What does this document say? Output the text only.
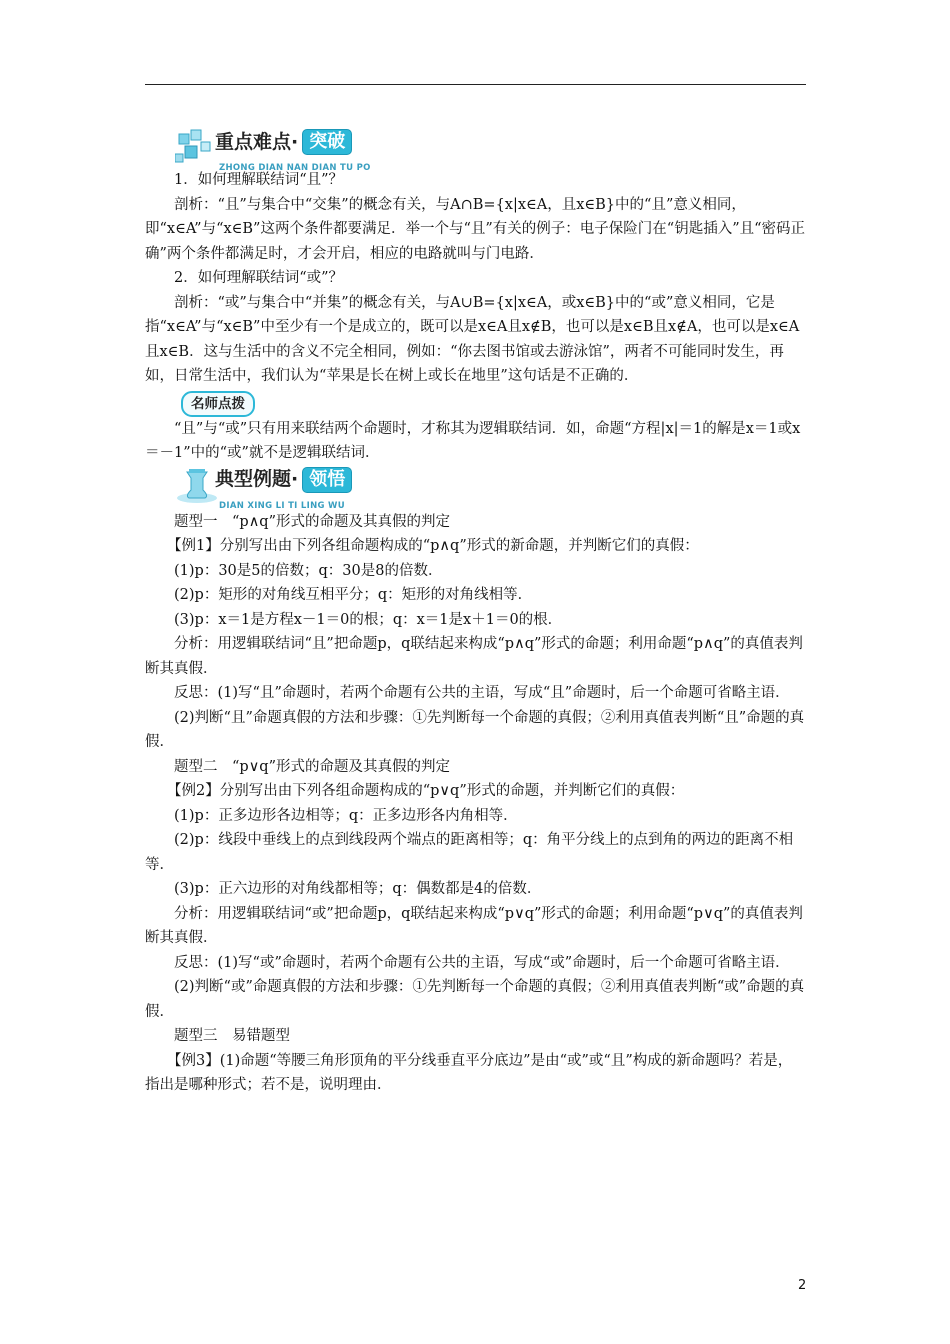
重点难点 · 突破
ZHONG DIAN NAN DIAN TU PO

1．如何理解联结词“且”？

剖析：“且”与集合中“交集”的概念有关，与A∩B={x|x∈A，且x∈B}中的“且”意义相同，即“x∈A”与“x∈B”这两个条件都要满足．举一个与“且”有关的例子：电子保险门在“钥匙插入”且“密码正确”两个条件都满足时，才会开启，相应的电路就叫与门电路．

2．如何理解联结词“或”？

剖析：“或”与集合中“并集”的概念有关，与A∪B={x|x∈A，或x∈B}中的“或”意义相同，它是指“x∈A”与“x∈B”中至少有一个是成立的，既可以是x∈A且x∉B，也可以是x∈B且x∉A，也可以是x∈A且x∈B．这与生活中的含义不完全相同，例如：“你去图书馆或去游泳馆”，两者不可能同时发生，再如，日常生活中，我们认为“苹果是长在树上或长在地里”这句话是不正确的．

名师点拨

“且”与“或”只有用来联结两个命题时，才称其为逻辑联结词．如，命题“方程|x|＝1的解是x＝1或x＝－1”中的“或”就不是逻辑联结词．

典型例题 · 领悟
DIAN XING LI TI LING WU

题型一　“p∧q”形式的命题及其真假的判定

【例1】分别写出由下列各组命题构成的“p∧q”形式的新命题，并判断它们的真假：

(1)p：30是5的倍数；q：30是8的倍数．

(2)p：矩形的对角线互相平分；q：矩形的对角线相等．

(3)p：x＝1是方程x－1＝0的根；q：x＝1是x＋1＝0的根．

分析：用逻辑联结词“且”把命题p，q联结起来构成“p∧q”形式的命题；利用命题“p∧q”的真值表判断其真假．

反思：(1)写“且”命题时，若两个命题有公共的主语，写成“且”命题时，后一个命题可省略主语．

(2)判断“且”命题真假的方法和步骤：①先判断每一个命题的真假；②利用真值表判断“且”命题的真假．

题型二　“p∨q”形式的命题及其真假的判定

【例2】分别写出由下列各组命题构成的“p∨q”形式的命题，并判断它们的真假：

(1)p：正多边形各边相等；q：正多边形各内角相等．

(2)p：线段中垂线上的点到线段两个端点的距离相等；q：角平分线上的点到角的两边的距离不相等．

(3)p：正六边形的对角线都相等；q：偶数都是4的倍数．

分析：用逻辑联结词“或”把命题p，q联结起来构成“p∨q”形式的命题；利用命题“p∨q”的真值表判断其真假．

反思：(1)写“或”命题时，若两个命题有公共的主语，写成“或”命题时，后一个命题可省略主语．

(2)判断“或”命题真假的方法和步骤：①先判断每一个命题的真假；②利用真值表判断“或”命题的真假．

题型三　易错题型

【例3】(1)命题“等腰三角形顶角的平分线垂直平分底边”是由“或”或“且”构成的新命题吗？若是，指出是哪种形式；若不是，说明理由．

2
